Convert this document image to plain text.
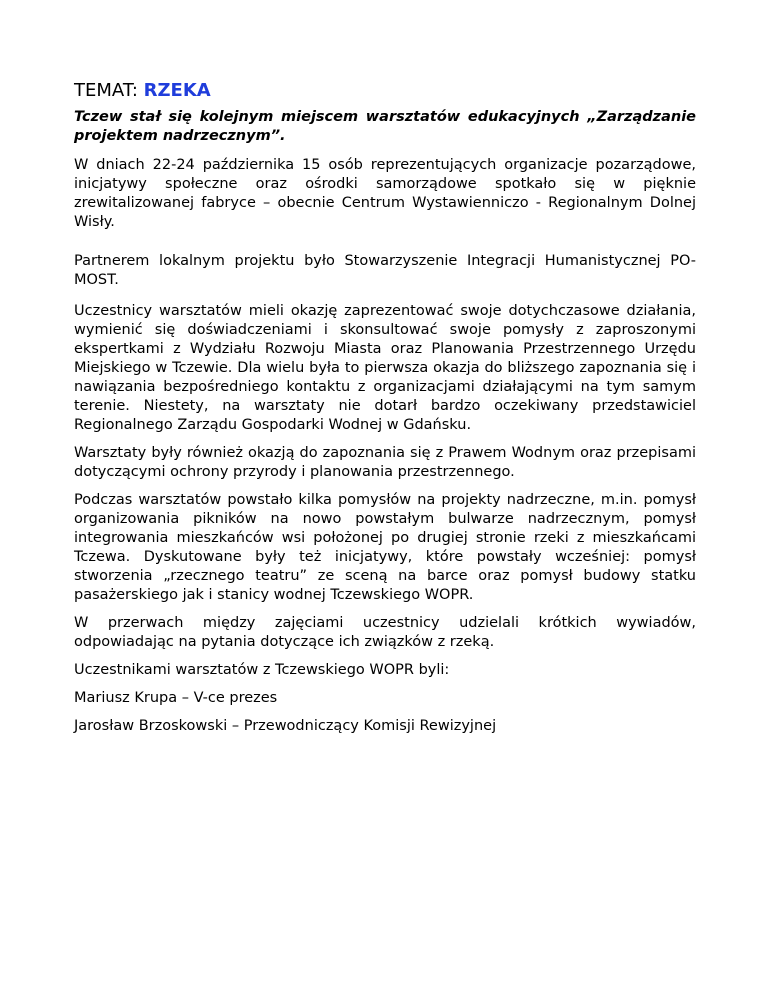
TEMAT: RZEKA

Tczew stał się kolejnym miejscem warsztatów edukacyjnych „Zarządzanie projektem nadrzecznym”.

W dniach 22-24 października 15 osób reprezentujących organizacje pozarządowe, inicjatywy społeczne oraz ośrodki samorządowe spotkało się w pięknie zrewitalizowanej fabryce – obecnie Centrum Wystawienniczo - Regionalnym Dolnej Wisły.

Partnerem lokalnym projektu było Stowarzyszenie Integracji Humanistycznej PO-MOST.

Uczestnicy warsztatów mieli okazję zaprezentować swoje dotychczasowe działania, wymienić się doświadczeniami i skonsultować swoje pomysły z zaproszonymi ekspertkami z Wydziału Rozwoju Miasta oraz Planowania Przestrzennego Urzędu Miejskiego w Tczewie. Dla wielu była to pierwsza okazja do bliższego zapoznania się i nawiązania bezpośredniego kontaktu z organizacjami działającymi na tym samym terenie. Niestety, na warsztaty nie dotarł bardzo oczekiwany przedstawiciel Regionalnego Zarządu Gospodarki Wodnej w Gdańsku.

Warsztaty były również okazją do zapoznania się z Prawem Wodnym oraz przepisami dotyczącymi ochrony przyrody i planowania przestrzennego.

Podczas warsztatów powstało kilka pomysłów na projekty nadrzeczne, m.in. pomysł organizowania pikników na nowo powstałym bulwarze nadrzecznym, pomysł integrowania mieszkańców wsi położonej po drugiej stronie rzeki z mieszkańcami Tczewa. Dyskutowane były też inicjatywy, które powstały wcześniej: pomysł stworzenia „rzecznego teatru” ze sceną na barce oraz pomysł budowy statku pasażerskiego jak i stanicy wodnej Tczewskiego WOPR.

W przerwach między zajęciami uczestnicy udzielali krótkich wywiadów, odpowiadając na pytania dotyczące ich związków z rzeką.

Uczestnikami warsztatów z Tczewskiego WOPR byli:

Mariusz Krupa – V-ce prezes

Jarosław Brzoskowski – Przewodniczący Komisji Rewizyjnej
